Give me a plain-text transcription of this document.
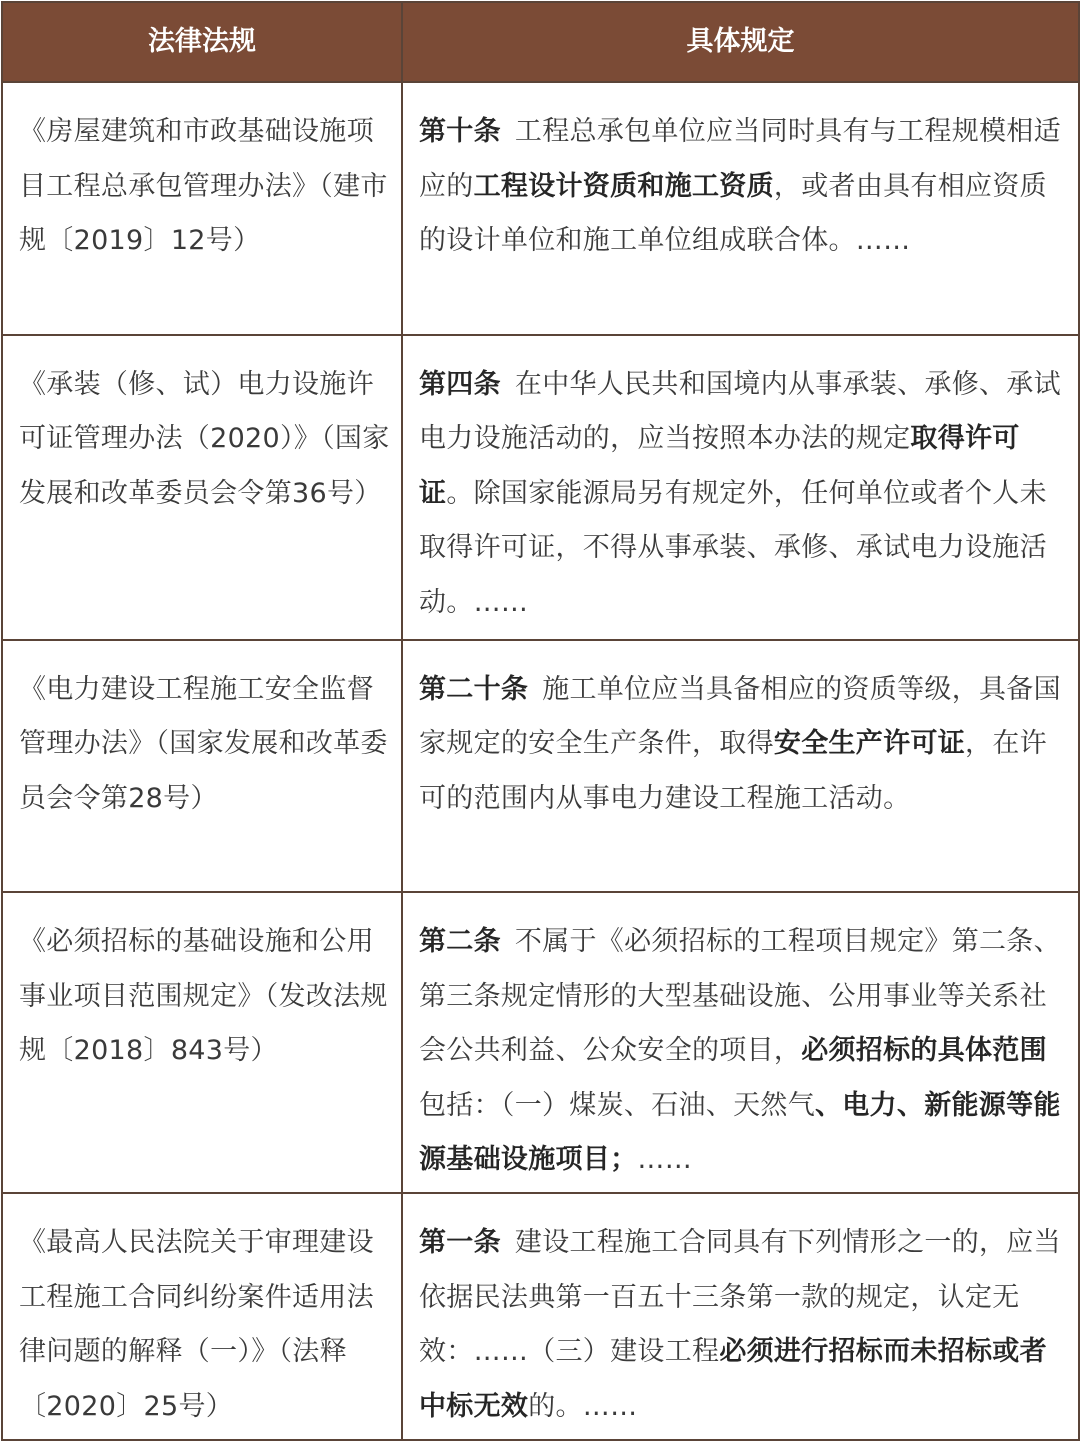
法律法规	具体规定
《房屋建筑和市政基础设施项目工程总承包管理办法》（建市规〔2019〕12号）	第十条 工程总承包单位应当同时具有与工程规模相适应的工程设计资质和施工资质，或者由具有相应资质的设计单位和施工单位组成联合体。……
《承装（修、试）电力设施许可证管理办法（2020）》（国家发展和改革委员会令第36号）	第四条 在中华人民共和国境内从事承装、承修、承试电力设施活动的，应当按照本办法的规定取得许可证。除国家能源局另有规定外，任何单位或者个人未取得许可证，不得从事承装、承修、承试电力设施活动。……
《电力建设工程施工安全监督管理办法》（国家发展和改革委员会令第28号）	第二十条 施工单位应当具备相应的资质等级，具备国家规定的安全生产条件，取得安全生产许可证，在许可的范围内从事电力建设工程施工活动。
《必须招标的基础设施和公用事业项目范围规定》（发改法规规〔2018〕843号）	第二条 不属于《必须招标的工程项目规定》第二条、第三条规定情形的大型基础设施、公用事业等关系社会公共利益、公众安全的项目，必须招标的具体范围包括：（一）煤炭、石油、天然气、电力、新能源等能源基础设施项目；……
《最高人民法院关于审理建设工程施工合同纠纷案件适用法律问题的解释（一）》（法释〔2020〕25号）	第一条 建设工程施工合同具有下列情形之一的，应当依据民法典第一百五十三条第一款的规定，认定无效：……（三）建设工程必须进行招标而未招标或者中标无效的。……
